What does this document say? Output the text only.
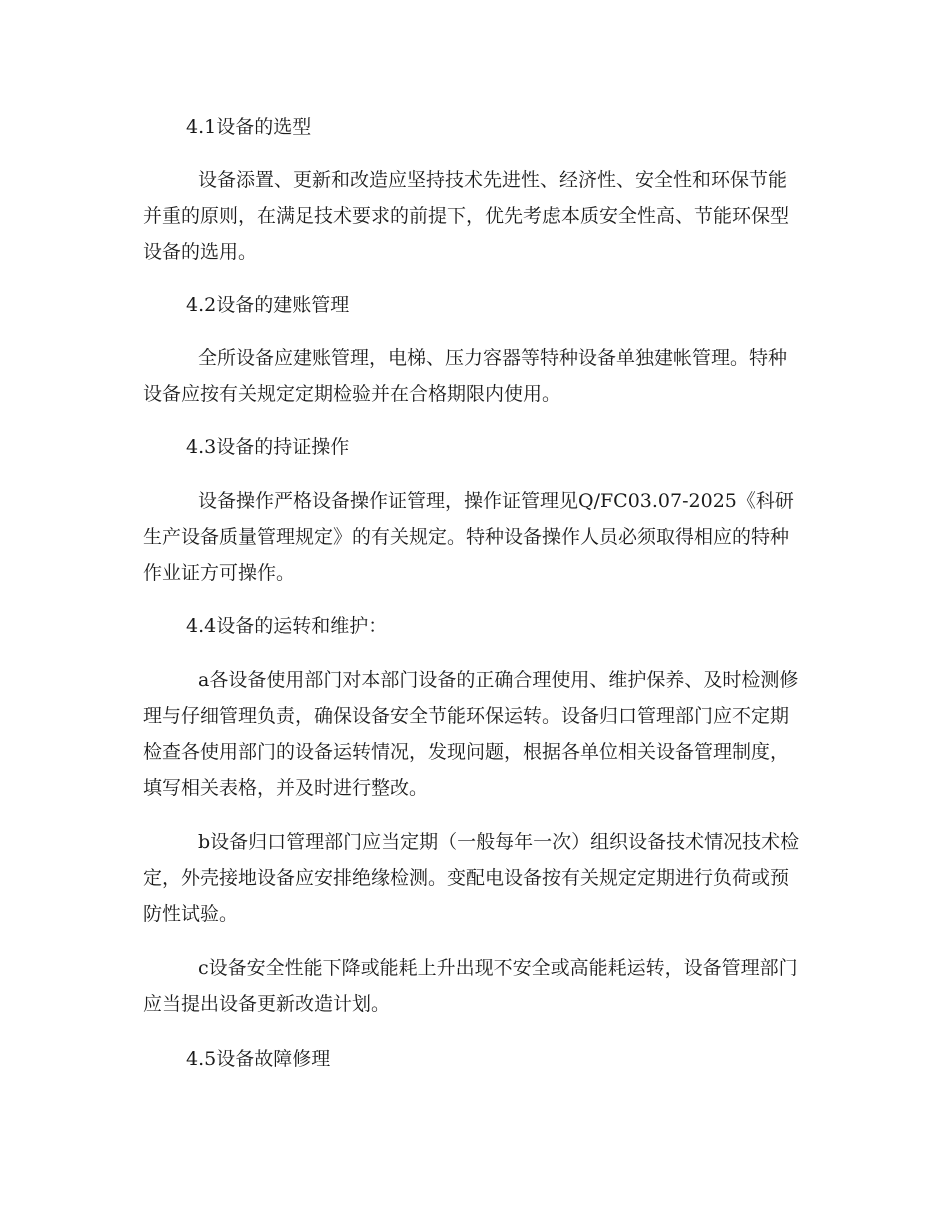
4.1设备的选型

设备添置、更新和改造应坚持技术先进性、经济性、安全性和环保节能并重的原则，在满足技术要求的前提下，优先考虑本质安全性高、节能环保型设备的选用。

4.2设备的建账管理

全所设备应建账管理，电梯、压力容器等特种设备单独建帐管理。特种设备应按有关规定定期检验并在合格期限内使用。

4.3设备的持证操作

设备操作严格设备操作证管理，操作证管理见Q/FC03.07-2025《科研生产设备质量管理规定》的有关规定。特种设备操作人员必须取得相应的特种作业证方可操作。

4.4设备的运转和维护：

a各设备使用部门对本部门设备的正确合理使用、维护保养、及时检测修理与仔细管理负责，确保设备安全节能环保运转。设备归口管理部门应不定期检查各使用部门的设备运转情况，发现问题，根据各单位相关设备管理制度，填写相关表格，并及时进行整改。

b设备归口管理部门应当定期（一般每年一次）组织设备技术情况技术检定，外壳接地设备应安排绝缘检测。变配电设备按有关规定定期进行负荷或预防性试验。

c设备安全性能下降或能耗上升出现不安全或高能耗运转，设备管理部门应当提出设备更新改造计划。

4.5设备故障修理
